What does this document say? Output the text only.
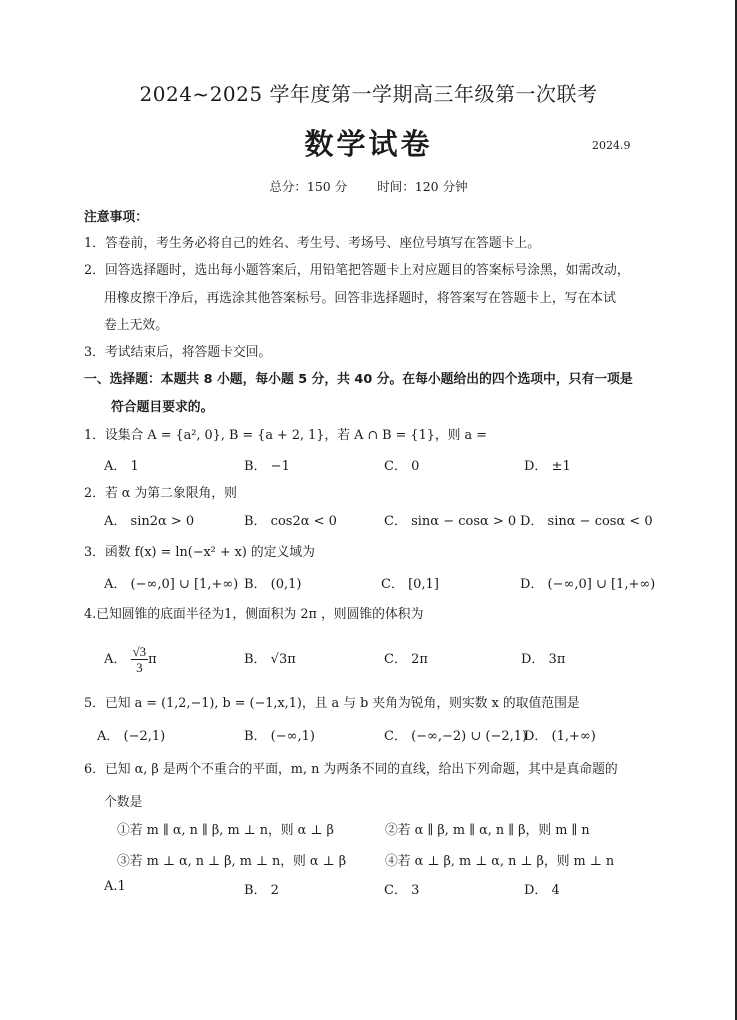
2024~2025 学年度第一学期高三年级第一次联考
数学试卷	2024.9
总分：150 分 时间：120 分钟
注意事项：
1．答卷前，考生务必将自己的姓名、考生号、考场号、座位号填写在答题卡上。
2．回答选择题时，选出每小题答案后，用铅笔把答题卡上对应题目的答案标号涂黑，如需改动，
用橡皮擦干净后，再选涂其他答案标号。回答非选择题时，将答案写在答题卡上，写在本试
卷上无效。
3．考试结束后，将答题卡交回。
一、选择题：本题共 8 小题，每小题 5 分，共 40 分。在每小题给出的四个选项中，只有一项是
符合题目要求的。
1．设集合 A = {a², 0}, B = {a + 2, 1}，若 A ∩ B = {1}，则 a =
A． 1	B． −1	C． 0	D． ±1
2．若 α 为第二象限角，则
A． sin2α > 0	B． cos2α < 0	C． sinα − cosα > 0 D． sinα − cosα < 0
3．函数 f(x) = ln(−x² + x) 的定义域为
A． (−∞,0] ∪ [1,+∞) B． (0,1)	C． [0,1]	D． (−∞,0] ∪ [1,+∞)
4.已知圆锥的底面半径为1，侧面积为 2π ，则圆锥的体积为
A． $\frac{√3}{3}$ π	B． √3π	C． 2π	D． 3π
5．已知 a = (1,2,−1), b = (−1,x,1)，且 a 与 b 夹角为锐角，则实数 x 的取值范围是
A． (−2,1)	B． (−∞,1)	C． (−∞,−2) ∪ (−2,1)
D． (1,+∞)
6．已知 α, β 是两个不重合的平面，m, n 为两条不同的直线，给出下列命题，其中是真命题的
个数是
①若 m ∥ α, n ∥ β, m ⊥ n，则 α ⊥ β	②若 α ∥ β, m ∥ α, n ∥ β，则 m ∥ n
③若 m ⊥ α, n ⊥ β, m ⊥ n，则 α ⊥ β	④若 α ⊥ β, m ⊥ α, n ⊥ β，则 m ⊥ n
A.1	B． 2	C． 3	D． 4
